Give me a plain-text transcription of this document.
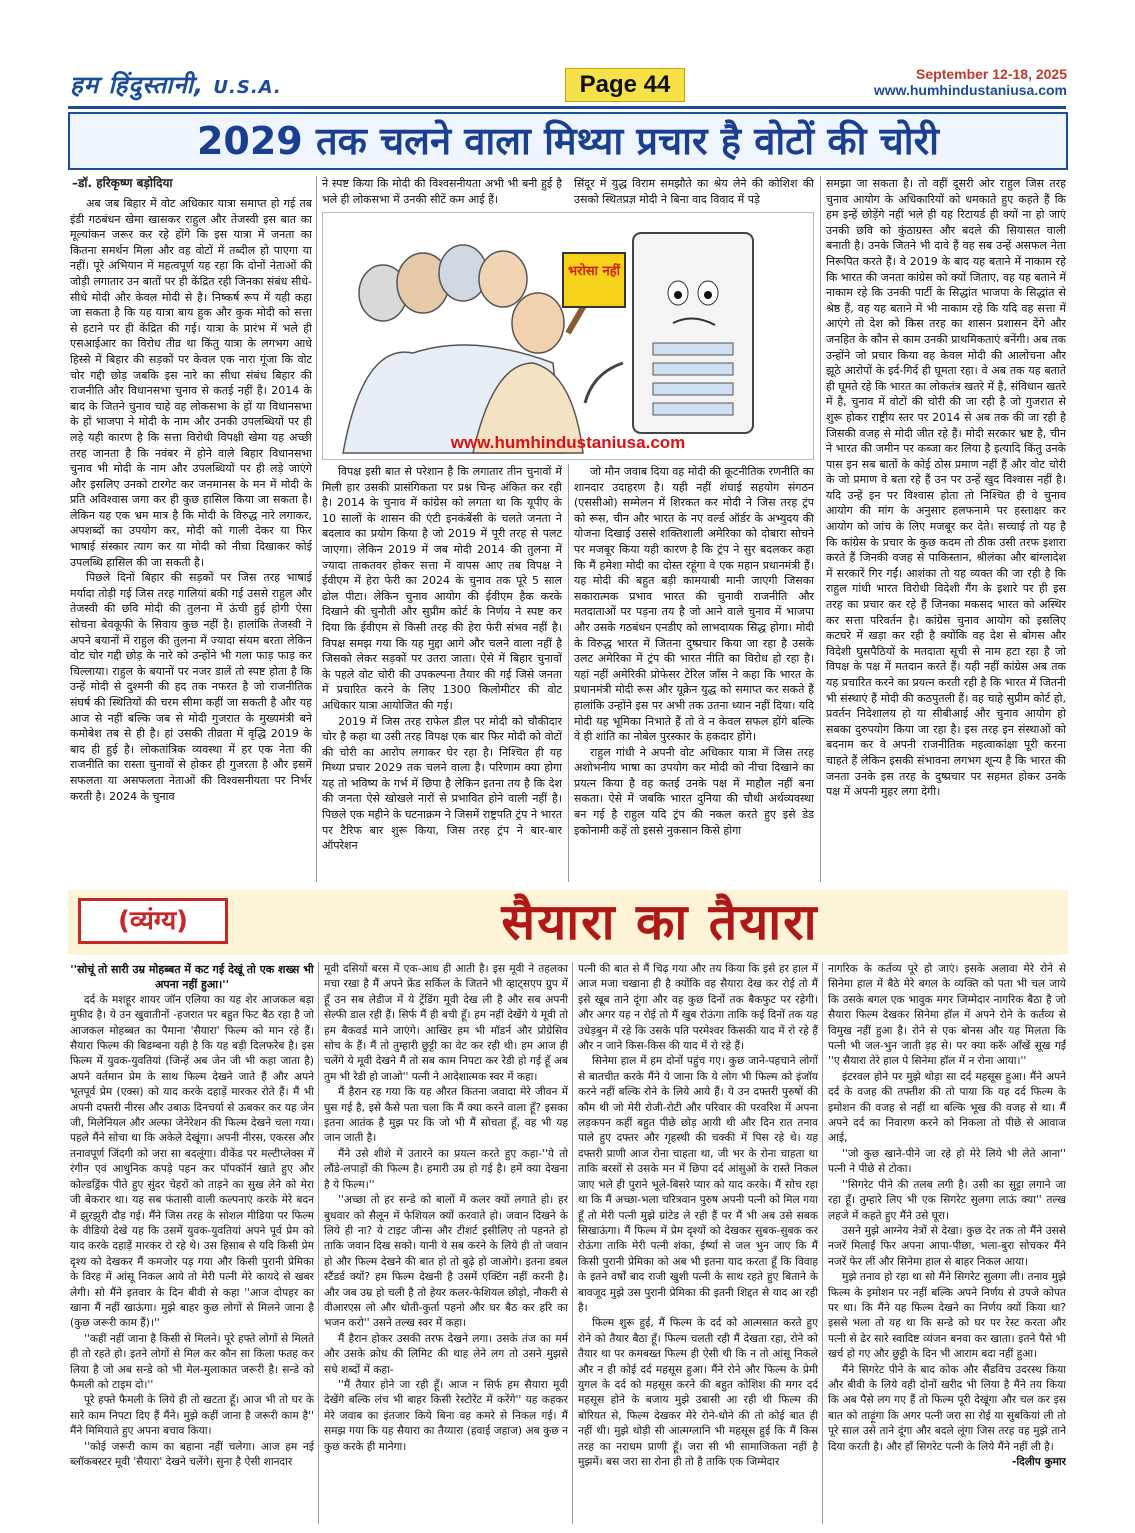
हम हिंदुस्तानी, U.S.A.	Page 44	September 12-18, 2025
www.humhindustaniusa.com
2029 तक चलने वाला मिथ्या प्रचार है वोटों की चोरी
–डॉ. हरिकृष्ण बड़ोदिया

अब जब बिहार में वोट अधिकार यात्रा समाप्त हो गई तब इंडी गठबंधन खेमा खासकर राहुल और तेजस्वी इस बात का मूल्यांकन जरूर कर रहे होंगे कि इस यात्रा में जनता का कितना समर्थन मिला और वह वोटों में तब्दील हो पाएगा या नहीं। पूरे अभियान में महत्वपूर्ण यह रहा कि दोनों नेताओं की जोड़ी लगातार उन बातों पर ही केंद्रित रही जिनका संबंध सीधे-सीधे मोदी और केवल मोदी से है। निष्कर्ष रूप में यही कहा जा सकता है कि यह यात्रा बाय हुक और कुक मोदी को सत्ता से हटाने पर ही केंद्रित की गई। यात्रा के प्रारंभ में भले ही एसआईआर का विरोध तीव्र था किंतु यात्रा के लगभग आधे हिस्से में बिहार की सड़कों पर केवल एक नारा गूंजा कि वोट चोर गद्दी छोड़ जबकि इस नारे का सीधा संबंध बिहार की राजनीति और विधानसभा चुनाव से कतई नहीं है। 2014 के बाद के जितने चुनाव चाहे वह लोकसभा के हों या विधानसभा के हों भाजपा ने मोदी के नाम और उनकी उपलब्धियों पर ही लड़े यही कारण है कि सत्ता विरोधी विपक्षी खेमा यह अच्छी तरह जानता है कि नवंबर में होने वाले बिहार विधानसभा चुनाव भी मोदी के नाम और उपलब्धियों पर ही लड़े जाएंगे और इसलिए उनको टारगेट कर जनमानस के मन में मोदी के प्रति अविश्वास जगा कर ही कुछ हासिल किया जा सकता है। लेकिन यह एक भ्रम मात्र है कि मोदी के विरुद्ध नारे लगाकर, अपशब्दों का उपयोग कर, मोदी को गाली देकर या फिर भाषाई संस्कार त्याग कर या मोदी को नीचा दिखाकर कोई उपलब्धि हासिल की जा सकती है।

पिछले दिनों बिहार की सड़कों पर जिस तरह भाषाई मर्यादा तोड़ी गई जिस तरह गालियां बकी गई उससे राहुल और तेजस्वी की छवि मोदी की तुलना में ऊंची हुई होगी ऐसा सोचना बेवकूफी के सिवाय कुछ नहीं है। हालांकि तेजस्वी ने अपने बयानों में राहुल की तुलना में ज्यादा संयम बरता लेकिन वोट चोर गद्दी छोड़ के नारे को उन्होंने भी गला फाड़ फाड़ कर चिल्लाया। राहुल के बयानों पर नजर डालें तो स्पष्ट होता है कि उन्हें मोदी से दुश्मनी की हद तक नफरत है जो राजनीतिक संघर्ष की स्थितियों की चरम सीमा कहीं जा सकती है और यह आज से नहीं बल्कि जब से मोदी गुजरात के मुख्यमंत्री बने कमोबेश तब से ही है। हां उसकी तीव्रता में वृद्धि 2019 के बाद ही हुई है। लोकतांत्रिक व्यवस्था में हर एक नेता की राजनीति का रास्ता चुनावों से होकर ही गुजरता है और इसमें सफलता या असफलता नेताओं की विश्वसनीयता पर निर्भर करती है। 2024 के चुनाव

ने स्पष्ट किया कि मोदी की विश्वसनीयता अभी भी बनी हुई है भले ही लोकसभा में उनकी सीटें कम आई हैं।

सिंदूर में युद्ध विराम समझौते का श्रेय लेने की कोशिश की उसको स्थितप्रज्ञ मोदी ने बिना वाद विवाद में पड़े

भरोसा नहीं
www.humhindustaniusa.com

विपक्ष इसी बात से परेशान है कि लगातार तीन चुनावों में मिली हार उसकी प्रासंगिकता पर प्रश्न चिन्ह अंकित कर रही है। 2014 के चुनाव में कांग्रेस को लगता था कि यूपीए के 10 सालों के शासन की एंटी इनकंबेंसी के चलते जनता ने बदलाव का प्रयोग किया है जो 2019 में पूरी तरह से पलट जाएगा। लेकिन 2019 में जब मोदी 2014 की तुलना में ज्यादा ताकतवर होकर सत्ता में वापस आए तब विपक्ष ने ईवीएम में हेरा फेरी का 2024 के चुनाव तक पूरे 5 साल ढोल पीटा। लेकिन चुनाव आयोग की ईवीएम हैक करके दिखाने की चुनौती और सुप्रीम कोर्ट के निर्णय ने स्पष्ट कर दिया कि ईवीएम से किसी तरह की हेरा फेरी संभव नहीं है। विपक्ष समझ गया कि यह मुद्दा आगे और चलने वाला नहीं है जिसको लेकर सड़कों पर उतरा जाता। ऐसे में बिहार चुनावों के पहले वोट चोरी की उपकल्पना तैयार की गई जिसे जनता में प्रचारित करने के लिए 1300 किलोमीटर की वोट अधिकार यात्रा आयोजित की गई।

2019 में जिस तरह राफेल डील पर मोदी को चौकीदार चोर है कहा था उसी तरह विपक्ष एक बार फिर मोदी को वोटों की चोरी का आरोप लगाकर घेर रहा है। निश्चित ही यह मिथ्या प्रचार 2029 तक चलने वाला है। परिणाम क्या होगा यह तो भविष्य के गर्भ में छिपा है लेकिन इतना तय है कि देश की जनता ऐसे खोखले नारों से प्रभावित होने वाली नहीं है। पिछले एक महीने के घटनाक्रम ने जिसमें राष्ट्रपति ट्रंप ने भारत पर टैरिफ बार शुरू किया, जिस तरह ट्रंप ने बार-बार ऑपरेशन

जो मौन जवाब दिया वह मोदी की कूटनीतिक रणनीति का शानदार उदाहरण है। यही नहीं शंघाई सहयोग संगठन (एससीओ) सम्मेलन में शिरकत कर मोदी ने जिस तरह ट्रंप को रूस, चीन और भारत के नए वर्ल्ड ऑर्डर के अभ्युदय की योजना दिखाई उससे शक्तिशाली अमेरिका को दोबारा सोचने पर मजबूर किया यही कारण है कि ट्रंप ने सुर बदलकर कहा कि मैं हमेशा मोदी का दोस्त रहूंगा वे एक महान प्रधानमंत्री हैं। यह मोदी की बहुत बड़ी कामयाबी मानी जाएगी जिसका सकारात्मक प्रभाव भारत की चुनावी राजनीति और मतदाताओं पर पड़ना तय है जो आने वाले चुनाव में भाजपा और उसके गठबंधन एनडीए को लाभदायक सिद्ध होगा। मोदी के विरुद्ध भारत में जितना दुष्प्रचार किया जा रहा है उसके उलट अमेरिका में ट्रंप की भारत नीति का विरोध हो रहा है। यहां नहीं अमेरिकी प्रोफेसर टेरिल जॉंस ने कहा कि भारत के प्रधानमंत्री मोदी रूस और यूक्रेन युद्ध को समाप्त कर सकते हैं हालांकि उन्होंने इस पर अभी तक उतना ध्यान नहीं दिया। यदि मोदी यह भूमिका निभाते हैं तो वे न केवल सफल होंगे बल्कि वे ही शांति का नोबेल पुरस्कार के हकदार होंगे।

राहुल गांधी ने अपनी वोट अधिकार यात्रा में जिस तरह अशोभनीय भाषा का उपयोग कर मोदी को नीचा दिखाने का प्रयत्न किया है वह कतई उनके पक्ष में माहौल नहीं बना सकता। ऐसे में जबकि भारत दुनिया की चौथी अर्थव्यवस्था बन गई है राहुल यदि ट्रंप की नकल करते हुए इसे डेड इकोनामी कहें तो इससे नुकसान किसे होगा

समझा जा सकता है। तो वहीं दूसरी ओर राहुल जिस तरह चुनाव आयोग के अधिकारियों को धमकाते हुए कहते हैं कि हम इन्हें छोड़ेंगे नहीं भले ही यह रिटायर्ड ही क्यों ना हो जाएं उनकी छवि को कुंठाग्रस्त और बदले की सियासत वाली बनाती है। उनके जितने भी दावे हैं वह सब उन्हें असफल नेता निरूपित करते हैं। वे 2019 के बाद यह बताने में नाकाम रहे कि भारत की जनता कांग्रेस को क्यों जिताए, वह यह बताने में नाकाम रहे कि उनकी पार्टी के सिद्धांत भाजपा के सिद्धांत से श्रेष्ठ हैं, वह यह बताने में भी नाकाम रहे कि यदि वह सत्ता में आएंगे तो देश को किस तरह का शासन प्रशासन देंगे और जनहित के कौन से काम उनकी प्राथमिकताएं बनेंगी। अब तक उन्होंने जो प्रचार किया वह केवल मोदी की आलोचना और झूठे आरोपों के इर्द-गिर्द ही घूमता रहा। वे अब तक यह बताते ही घूमते रहे कि भारत का लोकतंत्र खतरे में है, संविधान खतरे में है, चुनाव में वोटों की चोरी की जा रही है जो गुजरात से शुरू होकर राष्ट्रीय स्तर पर 2014 से अब तक की जा रही है जिसकी वजह से मोदी जीत रहे हैं। मोदी सरकार भ्रष्ट है, चीन ने भारत की जमीन पर कब्जा कर लिया है इत्यादि किंतु उनके पास इन सब बातों के कोई ठोस प्रमाण नहीं हैं और वोट चोरी के जो प्रमाण वे बता रहे हैं उन पर उन्हें खुद विश्वास नहीं है। यदि उन्हें इन पर विश्वास होता तो निश्चित ही वे चुनाव आयोग की मांग के अनुसार हलफनामे पर हस्ताक्षर कर आयोग को जांच के लिए मजबूर कर देते। सच्चाई तो यह है कि कांग्रेस के प्रचार के कुछ कदम तो ठीक उसी तरफ इशारा करते हैं जिनकी वजह से पाकिस्तान, श्रीलंका और बांग्लादेश में सरकारें गिर गईं। आशंका तो यह व्यक्त की जा रही है कि राहुल गांधी भारत विरोधी विदेशी गैंग के इशारे पर ही इस तरह का प्रचार कर रहे हैं जिनका मकसद भारत को अस्थिर कर सत्ता परिवर्तन है। कांग्रेस चुनाव आयोग को इसलिए कटघरे में खड़ा कर रही है क्योंकि वह देश से बोगस और विदेशी घुसपैठियों के मतदाता सूची से नाम हटा रहा है जो विपक्ष के पक्ष में मतदान करते हैं। यही नहीं कांग्रेस अब तक यह प्रचारित करने का प्रयत्न करती रही है कि भारत में जितनी भी संस्थाएं हैं मोदी की कठपुतली हैं। वह चाहे सुप्रीम कोर्ट हो, प्रवर्तन निदेशालय हो या सीबीआई और चुनाव आयोग हो सबका दुरुपयोग किया जा रहा है। इस तरह इन संस्थाओं को बदनाम कर वे अपनी राजनीतिक महत्वाकांक्षा पूरी करना चाहते हैं लेकिन इसकी संभावना लगभग शून्य है कि भारत की जनता उनके इस तरह के दुष्प्रचार पर सहमत होकर उनके पक्ष में अपनी मुहर लगा देगी।

(व्यंग्य)	सैयारा का तैयारा

''सोचूं तो सारी उम्र मोहब्बत में कट गई देखूं तो एक शख्स भी अपना नहीं हुआ।''

दर्द के मशहूर शायर जॉन एलिया का यह शेर आजकल बड़ा मुफीद है। ये उन खुवातीनों -हजरात पर बहुत फिट बैठ रहा है जो आजकल मोहब्बत का पैमाना 'सैयारा' फिल्म को मान रहे हैं। सैयारा फिल्म की बिडम्बना यही है कि यह बड़ी दिलफरेब है। इस फिल्म में युवक-युवतियां (जिन्हें अब जेन जी भी कहा जाता है) अपने वर्तमान प्रेम के साथ फिल्म देखने जाते हैं और अपने भूतपूर्व प्रेम (एक्स) को याद करके दहाड़ें मारकर रोते हैं। मैं भी अपनी दफ्तरी नीरस और उबाऊ दिनचर्या से ऊबकर कर यह जेन जी, मिलेनियल और अल्फा जेनेरेशन की फिल्म देखने चला गया। पहले मैंने सोचा था कि अकेले देखूंगा। अपनी नीरस, एकरस और तनावपूर्ण जिंदगी को जरा सा बदलूंगा। वीकेंड पर मल्टीप्लेक्स में रंगीन एवं आधुनिक कपड़े पहन कर पॉपकॉर्न खाते हुए और कोल्डड्रिंक पीते हुए सुंदर चेहरों को ताड़ने का सुख लेने को मेरा जी बेकरार था। यह सब फंतासी वाली कल्पनाएं करके मेरे बदन में झुरझुरी दौड़ गई। मैंने जिस तरह के सोशल मीडिया पर फिल्म के वीडियो देखे यह कि उसमें युवक-युवतियां अपने पूर्व प्रेम को याद करके दहाड़ें मारकर रो रहे थे। उस हिसाब से यदि किसी प्रेम दृश्य को देखकर मैं कमजोर पड़ गया और किसी पुरानी प्रेमिका के विरह में आंसू निकल आये तो मेरी पत्नी मेरे कायदे से खबर लेगी। सो मैंने इतवार के दिन बीवी से कहा ''आज दोपहर का खाना मैं नहीं खाऊंगा। मुझे बाहर कुछ लोगों से मिलने जाना है (कुछ जरूरी काम हैं)।''

''कहीं नहीं जाना है किसी से मिलने। पूरे हफ्ते लोगों से मिलते ही तो रहते हो। इतने लोगों से मिल कर कौन सा किला फतह कर लिया है जो अब सन्डे को भी मेल-मुलाकात जरूरी है। सन्डे को फैमली को टाइम दो।''

पूरे हफ्ते फैमली के लिये ही तो खटता हूँ। आज भी तो घर के सारे काम निपटा दिए हैं मैंने। मुझे कहीं जाना है जरूरी काम है'' मैंने मिमियाते हुए अपना बचाव किया।

''कोई जरूरी काम का बहाना नहीं चलेगा। आज हम नई ब्लॉकबस्टर मूवी 'सैयारा' देखने चलेंगे। सुना है ऐसी शानदार

मूवी दसियों बरस में एक-आध ही आती है। इस मूवी ने तहलका मचा रखा है मैं अपने फ्रेंड सर्किल के जितने भी व्हाट्सएप ग्रुप में हूँ उन सब लेडीज में ये ट्रेंडिंग मूवी देख ली है और सब अपनी सेल्फी डाल रही हैं। सिर्फ मैं ही बची हूँ। हम नहीं देखेंगे ये मूवी तो हम बैकवर्ड माने जाएंगे। आखिर हम भी मॉडर्न और प्रोग्रेसिव सोच के हैं। मैं तो तुम्हारी छुट्टी का वेट कर रही थी। हम आज ही चलेंगे ये मूवी देखने मैं तो सब काम निपटा कर रेडी हो गई हूँ अब तुम भी रेडी हो जाओ'' पत्नी ने आदेशात्मक स्वर में कहा।

मैं हैरान रह गया कि यह औरत कितना जवादा मेरे जीवन में घुस गई है, इसे कैसे पता चला कि मैं क्या करने वाला हूँ? इसका इतना आतंक है मुझ पर कि जो भी मैं सोचता हूँ, वह भी यह जान जाती है।

मैंने उसे शीशे में उतारने का प्रयत्न करते हुए कहा-''ये तो लौंडे-लपाड़ों की फिल्म है। हमारी उम्र हो गई है। हमें क्या देखना है ये फिल्म।''

''अच्छा तो हर सन्डे को बालों में कलर क्यों लगाते हो। हर बुधवार को सैलून में फेशियल क्यों करवाते हो। जवान दिखने के लिये ही ना? ये टाइट जीन्स और टीशर्ट इसीलिए तो पहनते हो ताकि जवान दिख सको। यानी ये सब करने के लिये ही तो जवान हो और फिल्म देखने की बात हो तो बुढ़े हो जाओगे। इतना डबल स्टैंडर्ड क्यों? हम फिल्म देखनी है उसमें एक्टिंग नहीं करनी है। और जब उम्र हो चली है तो हेयर कलर-फेशियल छोड़ो, नौकरी से वीआरएस लो और धोती-कुर्ता पहनो और घर बैठ कर हरि का भजन करो'' उसने तल्ख स्वर में कहा।

मैं हैरान होकर उसकी तरफ देखने लगा। उसके तंज का मर्म और उसके क्रोध की लिमिट की थाह लेने लग तो उसने मुझसे सधे शब्दों में कहा-

''मैं तैयार होने जा रही हूँ। आज न सिर्फ हम सैयारा मूवी देखेंगे बल्कि लंच भी बाहर किसी रेस्टोरेंट में करेंगे'' यह कहकर मेरे जवाब का इंतजार किये बिना वह कमरे से निकल गई। मैं समझ गया कि यह सैयारा का तैय्यारा (हवाई जहाज) अब कुछ न कुछ करके ही मानेगा।

पत्नी की बात से मैं चिढ़ गया और तय किया कि इसे हर हाल में आज मजा चखाना ही है क्योंकि वह सैयारा देख कर रोई तो मैं इसे खूब ताने दूंगा और वह कुछ दिनों तक बैकफुट पर रहेगी। और अगर यह न रोई तो मैं खुब रोऊंगा ताकि कई दिनों तक यह उधेड़बुन में रहे कि उसके पति परमेश्वर किसकी याद में रो रहे हैं और न जाने किस-किस की याद में रो रहे हैं।

सिनेमा हाल में हम दोनों पहुंच गए। कुछ जाने-पहचाने लोगों से बातचीत करके मैंने ये जाना कि ये लोग भी फिल्म को इंजॉय करने नहीं बल्कि रोने के लिये आये हैं। ये उन दफ्तरी पुरुषों की कौम थी जो मेरी रोजी-रोटी और परिवार की परवरिश में अपना लड़कपन कहीं बहुत पीछे छोड़ आयी थी और दिन रात तनाव पाले हुए दफ्तर और गृहस्थी की चक्की में पिस रहे थे। यह दफ्तरी प्राणी आज रोना चाहता था, जी भर के रोना चाहता था ताकि बरसों से उसके मन में छिपा दर्द आंसुओं के रास्ते निकल जाए भले ही पुराने भूले-बिसरे प्यार को याद करके। मैं सोच रहा था कि मैं अच्छा-भला चरित्रवान पुरुष अपनी पत्नी को मिल गया हूँ तो मेरी पत्नी मुझे ग्रांटेड ले रही हैं पर मैं भी अब उसे सबक सिखाऊंगा। मैं फिल्म में प्रेम दृश्यों को देखकर सुबक-सुबक कर रोऊंगा ताकि मेरी पत्नी शंका, ईर्ष्या से जल भुन जाए कि मैं किसी पुरानी प्रेमिका को अब भी इतना याद करता हूँ कि विवाह के इतने वर्षों बाद राजी खुशी पत्नी के साथ रहते हुए बिताने के बावजूद मुझे उस पुरानी प्रेमिका की इतनी शिद्दत से याद आ रही है।

फिल्म शुरू हुई, मैं फिल्म के दर्द को आत्मसात करते हुए रोने को तैयार बैठा हूँ। फिल्म चलती रही मैं देखता रहा, रोने को तैयार था पर कमबख्त फिल्म ही ऐसी थी कि न तो आंसू निकले और न ही कोई दर्द महसूस हुआ। मैंने रोने और फिल्म के प्रेमी युगल के दर्द को महसूस करने की बहुत कोशिश की मगर दर्द महसूस होने के बजाय मुझे उबासी आ रही थी फिल्म की बोरियत से, फिल्म देखकर मेरे रोने-धोने की तो कोई बात ही नहीं थी। मुझे थोड़ी सी आत्मग्लानि भी महसूस हुई कि मैं किस तरह का नराधम प्राणी हूँ। जरा सी भी सामाजिकता नहीं है मुझमें। बस जरा सा रोना ही तो है ताकि एक जिम्मेदार

नागरिक के कर्तव्य पूरे हो जाएं। इसके अलावा मेरे रोने से सिनेमा हाल में बैठे मेरे बगल के व्यक्ति को पता भी चल जाये कि उसके बगल एक भावुक मगर जिम्मेदार नागरिक बैठा है जो सैयारा फिल्म देखकर सिनेमा हॉल में अपने रोने के कर्तव्य से विमुख नहीं हुआ है। रोने से एक बोनस और यह मिलता कि पत्नी भी जल-भुन जाती ड़ह से। पर क्या करूँ आँखें सूख गईं ''ए सैयारा तेरे हाल पे सिनेमा हॉल में न रोना आया।''

इंटरवल होने पर मुझे थोड़ा सा दर्द महसूस हुआ। मैंने अपने दर्द के वजह की तफ्तीश की तो पाया कि यह दर्द फिल्म के इमोशन की वजह से नहीं था बल्कि भूख की वजह से था। मैं अपने दर्द का निवारण करने को निकला तो पीछे से आवाज आई,

''जो कुछ खाने-पीने जा रहे हो मेरे लिये भी लेते आना'' पत्नी ने पीछे से टोका।

''सिगरेट पीने की तलब लगी है। उसी का सुट्टा लगाने जा रहा हूँ। तुम्हारे लिए भी एक सिगरेट सुलगा लाऊं क्या'' तल्ख लहजे में कहते हुए मैंने उसे घूरा।

उसने मुझे आग्नेय नेत्रों से देखा। कुछ देर तक तो मैंने उससे नजरें मिलाईं फिर अपना आपा-पीछा, भला-बुरा सोचकर मैंने नजरें फेर लीं और सिनेमा हाल से बाहर निकल आया।

मुझे तनाव हो रहा था सो मैंने सिगरेट सुलगा ली। तनाव मुझे फिल्म के इमोशन पर नहीं बल्कि अपने निर्णय से उपजे कोपत पर था। कि मैंने यह फिल्म देखने का निर्णय क्यों किया था? इससे भला तो यह था कि सन्डे को घर पर रेस्ट करता और पत्नी से ढेर सारे स्वादिष्ट व्यंजन बनवा कर खाता। इतने पैसे भी खर्च हो गए और छुट्टी के दिन भी आराम बदा नहीं हुआ।

मैंने सिगरेट पीने के बाद कोक और सैंडविच उदरस्थ किया और बीवी के लिये वही दोनों खरीद भी लिया है मैंने तय किया कि अब पैसे लग गए हैं तो फिल्म पूरी देखूंगा और चल कर इस बात को ताड़ूंगा कि अगर पत्नी जरा सा रोई या सुबकियां ली तो पूरे साल उसे ताने दूंगा और बदले लूंगा जिस तरह वह मुझे ताने दिया करती है। और हाँ सिगरेट पत्नी के लिये मैंने नहीं ली है।

-दिलीप कुमार
